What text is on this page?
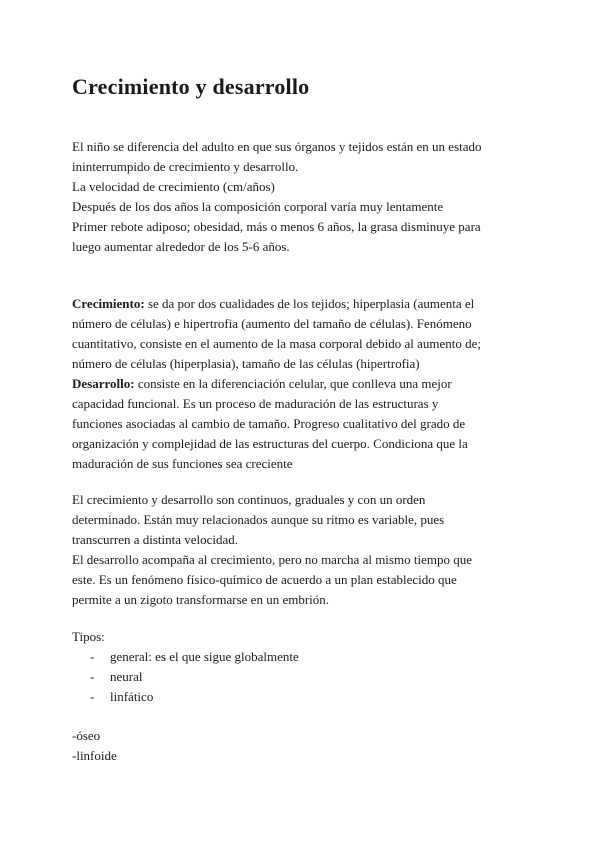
Crecimiento y desarrollo
El niño se diferencia del adulto en que sus órganos y tejidos están en un estado
ininterrumpido de crecimiento y desarrollo.
La velocidad de crecimiento (cm/años)
Después de los dos años la composición corporal varía muy lentamente
Primer rebote adiposo; obesidad, más o menos 6 años, la grasa disminuye para
luego aumentar alrededor de los 5-6 años.
Crecimiento: se da por dos cualidades de los tejidos; hiperplasia (aumenta el
número de células) e hipertrofia (aumento del tamaño de células). Fenómeno
cuantitativo, consiste en el aumento de la masa corporal debido al aumento de;
número de células (hiperplasia), tamaño de las células (hipertrofia)
Desarrollo: consiste en la diferenciación celular, que conlleva una mejor
capacidad funcional. Es un proceso de maduración de las estructuras y
funciones asociadas al cambio de tamaño. Progreso cualitativo del grado de
organización y complejidad de las estructuras del cuerpo. Condiciona que la
maduración de sus funciones sea creciente
El crecimiento y desarrollo son continuos, graduales y con un orden
determinado. Están muy relacionados aunque su ritmo es variable, pues
transcurren a distinta velocidad.
El desarrollo acompaña al crecimiento, pero no marcha al mismo tiempo que
este. Es un fenómeno físico-químico de acuerdo a un plan establecido que
permite a un zigoto transformarse en un embrión.
Tipos:
- general: es el que sigue globalmente
- neural
- linfático
-óseo
-linfoide
